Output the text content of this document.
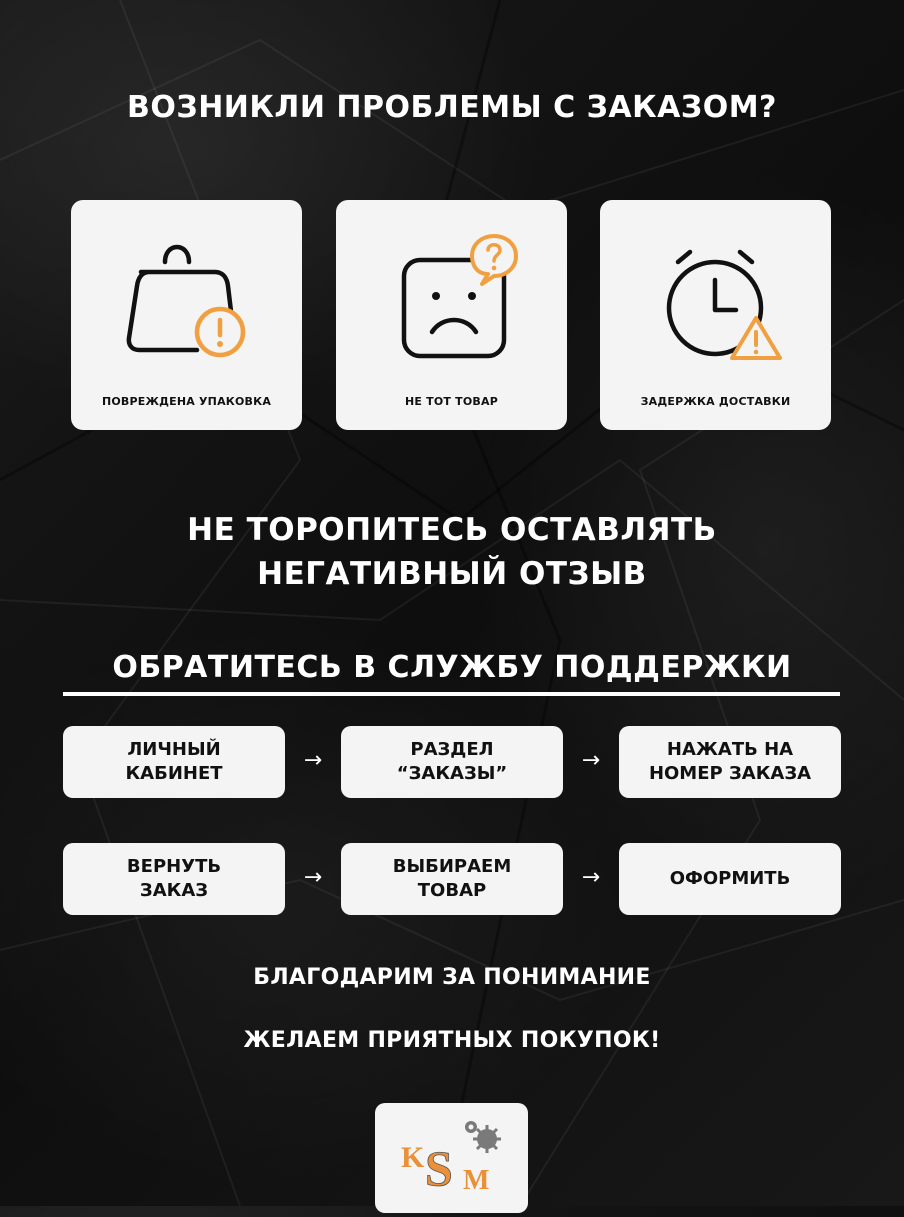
ВОЗНИКЛИ ПРОБЛЕМЫ С ЗАКАЗОМ?
ПОВРЕЖДЕНА УПАКОВКА	НЕ ТОТ ТОВАР	ЗАДЕРЖКА ДОСТАВКИ
НЕ ТОРОПИТЕСЬ ОСТАВЛЯТЬ
НЕГАТИВНЫЙ ОТЗЫВ
ОБРАТИТЕСЬ В СЛУЖБУ ПОДДЕРЖКИ
ЛИЧНЫЙ
КАБИНЕТ
→	РАЗДЕЛ
“ЗАКАЗЫ”
→	НАЖАТЬ НА
НОМЕР ЗАКАЗА
ВЕРНУТЬ
ЗАКАЗ
→	ВЫБИРАЕМ
ТОВАР
→	ОФОРМИТЬ
БЛАГОДАРИМ ЗА ПОНИМАНИЕ
ЖЕЛАЕМ ПРИЯТНЫХ ПОКУПОК!
K S M
